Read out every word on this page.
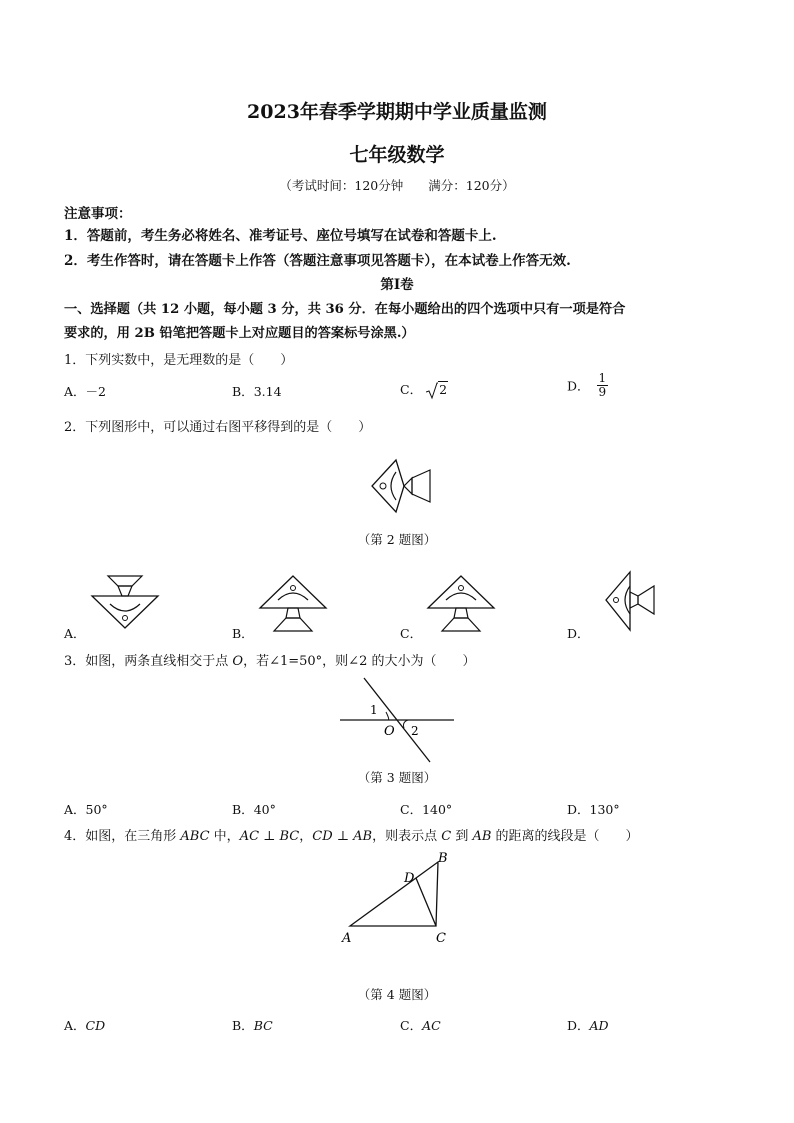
2023年春季学期期中学业质量监测
七年级数学
（考试时间：120分钟　　满分：120分）
注意事项：
1．答题前，考生务必将姓名、准考证号、座位号填写在试卷和答题卡上.
2．考生作答时，请在答题卡上作答（答题注意事项见答题卡），在本试卷上作答无效.
第Ⅰ卷
一、选择题（共 12 小题，每小题 3 分，共 36 分．在每小题给出的四个选项中只有一项是符合
要求的，用 2B 铅笔把答题卡上对应题目的答案标号涂黑.）
1．下列实数中，是无理数的是（　　）
A．－2	B．3.14	C． 2	D． $\frac{1}{9}$
2．下列图形中，可以通过右图平移得到的是（　　）
（第 2 题图）
A．	B．	C．	D．
3．如图，两条直线相交于点 O，若∠1=50°，则∠2 的大小为（　　）
1
O 2
（第 3 题图）
A．50°	B．40°	C．140°	D．130°
4．如图，在三角形 ABC 中，AC ⊥ BC，CD ⊥ AB，则表示点 C 到 AB 的距离的线段是（　　）
A
B
C
D
（第 4 题图）
A．CD	B．BC	C．AC	D．AD
